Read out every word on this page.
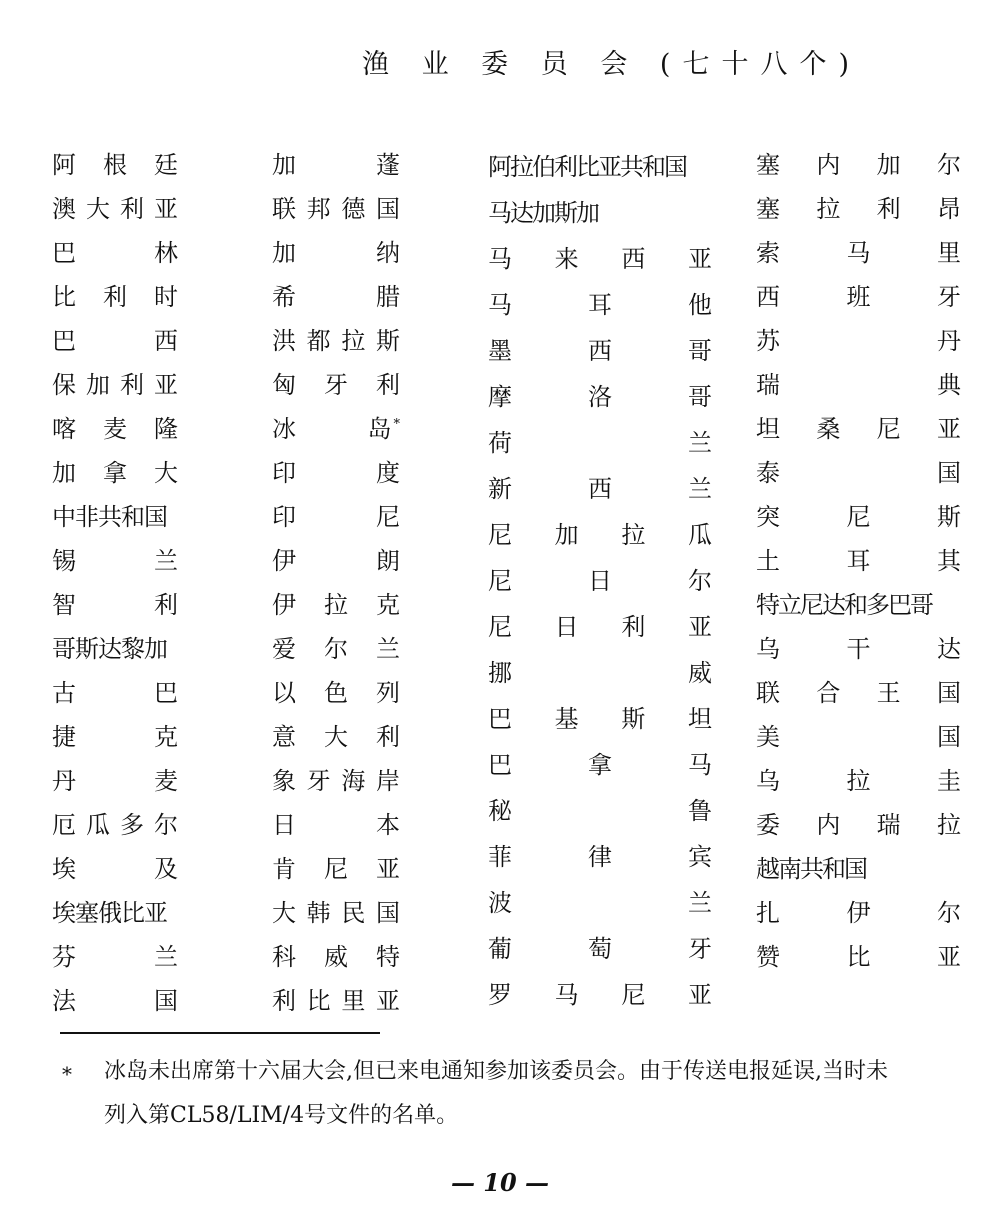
渔 业 委 员 会 (七十八个)
阿 根 廷
澳 大 利 亚
巴	林
比 利 时
巴	西
保 加 利 亚
喀 麦 隆
加 拿 大
中非共和国
锡	兰
智	利
哥斯达黎加
古	巴
捷	克
丹	麦
厄 瓜 多 尔
埃	及
埃塞俄比亚
芬	兰
法	国
加	蓬
联 邦 德 国
加	纳
希	腊
洪 都 拉 斯
匈 牙 利
冰	岛 *
印	度
印	尼
伊	朗
伊 拉 克
爱 尔 兰
以 色 列
意 大 利
象 牙 海 岸
日	本
肯 尼 亚
大 韩 民 国
科 威 特
利 比 里 亚
阿拉伯利比亚共和国
马达加斯加
马 来 西 亚
马	耳	他
墨	西	哥
摩	洛	哥
荷	兰
新	西	兰
尼 加 拉 瓜
尼	日	尔
尼 日 利 亚
挪	威
巴 基 斯 坦
巴	拿	马
秘	鲁
菲	律	宾
波	兰
葡	萄	牙
罗 马 尼 亚
塞 内 加 尔
塞 拉 利 昂
索	马	里
西	班	牙
苏	丹
瑞	典
坦 桑 尼 亚
泰	国
突	尼	斯
土	耳	其
特立尼达和多巴哥
乌	干	达
联 合 王 国
美	国
乌	拉	圭
委 内 瑞 拉
越南共和国
扎	伊	尔
赞	比	亚
* 冰岛未出席第十六届大会,但已来电通知参加该委员会。由于传送电报延误,当时未列入第CL58/LIM/4号文件的名单。

— 10 —
